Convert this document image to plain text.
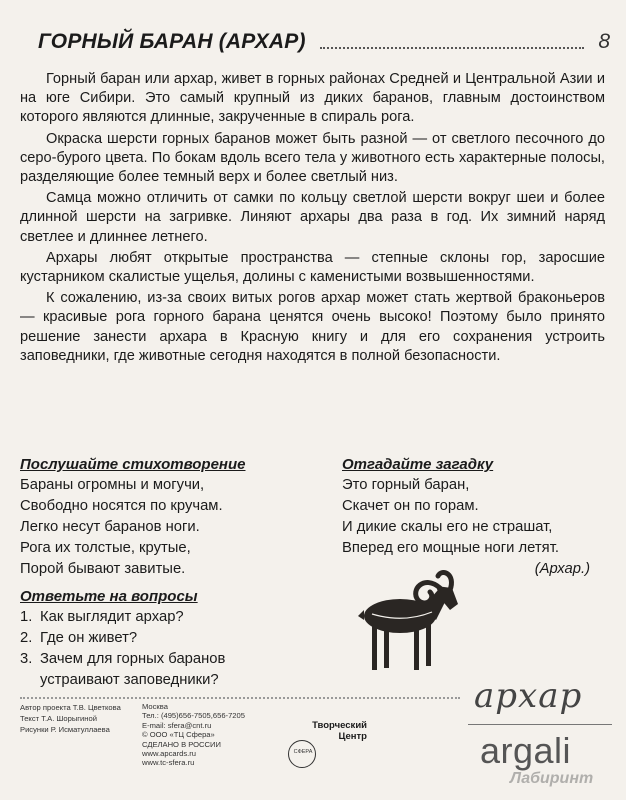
ГОРНЫЙ БАРАН (АРХАР)	8

Горный баран или архар, живет в горных районах Средней и Центральной Азии и на юге Сибири. Это самый крупный из диких баранов, главным достоинством которого являются длинные, закрученные в спираль рога.

Окраска шерсти горных баранов может быть разной — от светлого песочного до серо-бурого цвета. По бокам вдоль всего тела у животного есть характерные полосы, разделяющие более темный верх и более светлый низ.

Самца можно отличить от самки по кольцу светлой шерсти вокруг шеи и более длинной шерсти на загривке. Линяют архары два раза в год. Их зимний наряд светлее и длиннее летнего.

Архары любят открытые пространства — степные склоны гор, заросшие кустарником скалистые ущелья, долины с каменистыми возвышенностями.

К сожалению, из-за своих витых рогов архар может стать жертвой браконьеров — красивые рога горного барана ценятся очень высоко! Поэтому было принято решение занести архара в Красную книгу и для его сохранения устроить заповедники, где животные сегодня находятся в полной безопасности.

Послушайте стихотворение
Бараны огромны и могучи,
Свободно носятся по кручам.
Легко несут баранов ноги.
Рога их толстые, крутые,
Порой бывают завитые.
Ответьте на вопросы
1. Как выглядит архар?
2. Где он живет?
3. Зачем для горных баранов
устраивают заповедники?
Отгадайте загадку
Это горный баран,
Скачет он по горам.
И дикие скалы его не страшат,
Вперед его мощные ноги летят.
(Архар.)
Автор проекта Т.В. Цветкова
Текст Т.А. Шорыгиной
Рисунки Р. Исматуллаева
Москва
Тел.: (495)656-7505,656-7205
E-mail: sfera@cnt.ru
© ООО «ТЦ Сфера»
СДЕЛАНО В РОССИИ
www.apcards.ru
www.tc-sfera.ru
Творческий
Центр
СФЕРА
архар
argali
Лабиринт
